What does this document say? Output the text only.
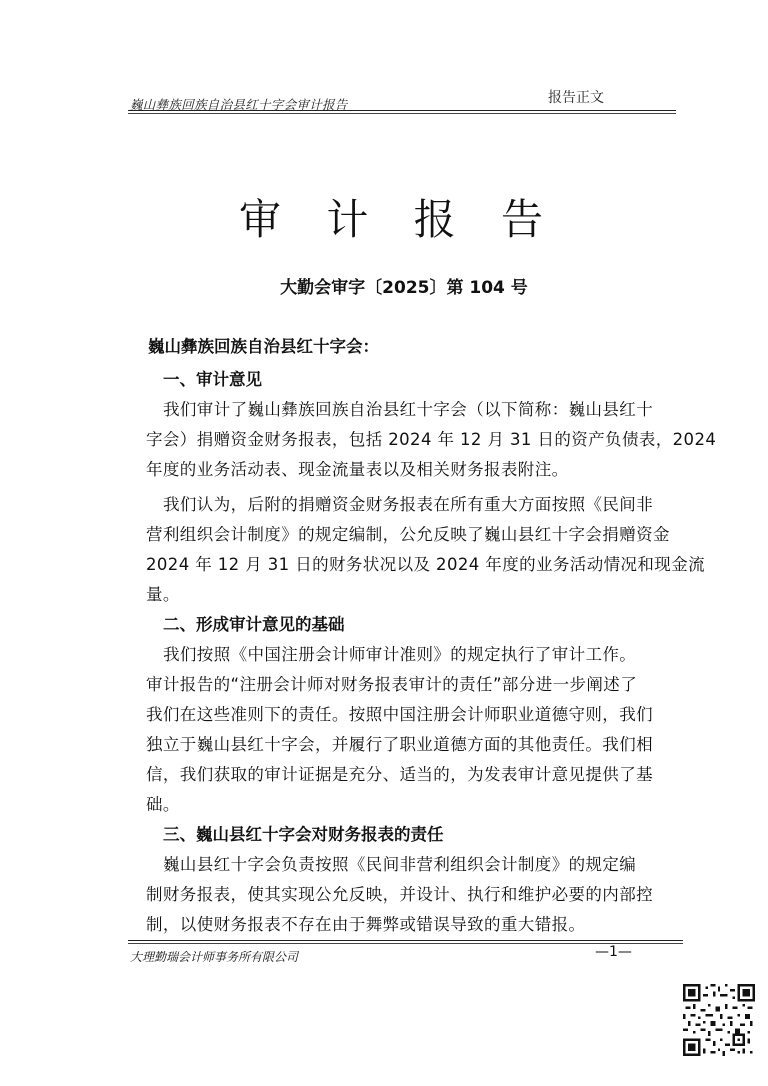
巍山彝族回族自治县红十字会审计报告	报告正文
审 计 报 告
大勤会审字〔2025〕第 104 号
巍山彝族回族自治县红十字会：
一、审计意见
我们审计了巍山彝族回族自治县红十字会（以下简称：巍山县红十
字会）捐赠资金财务报表，包括 2024 年 12 月 31 日的资产负债表，2024
年度的业务活动表、现金流量表以及相关财务报表附注。
我们认为，后附的捐赠资金财务报表在所有重大方面按照《民间非
营利组织会计制度》的规定编制，公允反映了巍山县红十字会捐赠资金
2024 年 12 月 31 日的财务状况以及 2024 年度的业务活动情况和现金流
量。
二、形成审计意见的基础
我们按照《中国注册会计师审计准则》的规定执行了审计工作。
审计报告的“注册会计师对财务报表审计的责任”部分进一步阐述了
我们在这些准则下的责任。按照中国注册会计师职业道德守则，我们
独立于巍山县红十字会，并履行了职业道德方面的其他责任。我们相
信，我们获取的审计证据是充分、适当的，为发表审计意见提供了基
础。
三、巍山县红十字会对财务报表的责任
巍山县红十字会负责按照《民间非营利组织会计制度》的规定编
制财务报表，使其实现公允反映，并设计、执行和维护必要的内部控
制，以使财务报表不存在由于舞弊或错误导致的重大错报。
大理勤瑞会计师事务所有限公司	—1—
